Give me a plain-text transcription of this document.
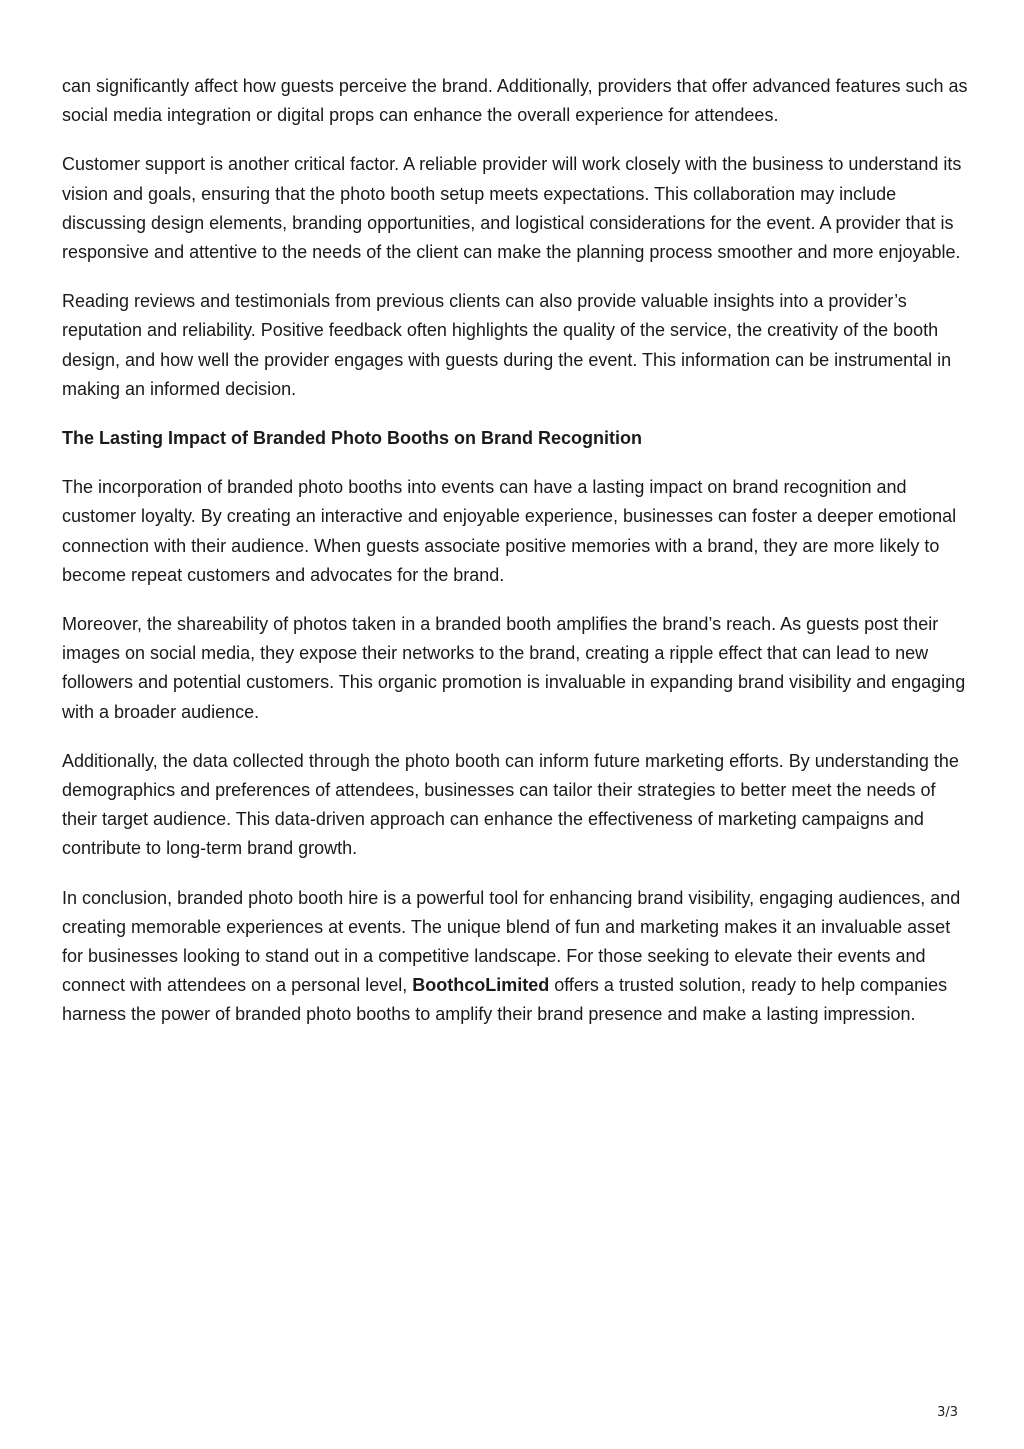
can significantly affect how guests perceive the brand. Additionally, providers that offer advanced features such as social media integration or digital props can enhance the overall experience for attendees.

Customer support is another critical factor. A reliable provider will work closely with the business to understand its vision and goals, ensuring that the photo booth setup meets expectations. This collaboration may include discussing design elements, branding opportunities, and logistical considerations for the event. A provider that is responsive and attentive to the needs of the client can make the planning process smoother and more enjoyable.

Reading reviews and testimonials from previous clients can also provide valuable insights into a provider’s reputation and reliability. Positive feedback often highlights the quality of the service, the creativity of the booth design, and how well the provider engages with guests during the event. This information can be instrumental in making an informed decision.

The Lasting Impact of Branded Photo Booths on Brand Recognition

The incorporation of branded photo booths into events can have a lasting impact on brand recognition and customer loyalty. By creating an interactive and enjoyable experience, businesses can foster a deeper emotional connection with their audience. When guests associate positive memories with a brand, they are more likely to become repeat customers and advocates for the brand.

Moreover, the shareability of photos taken in a branded booth amplifies the brand’s reach. As guests post their images on social media, they expose their networks to the brand, creating a ripple effect that can lead to new followers and potential customers. This organic promotion is invaluable in expanding brand visibility and engaging with a broader audience.

Additionally, the data collected through the photo booth can inform future marketing efforts. By understanding the demographics and preferences of attendees, businesses can tailor their strategies to better meet the needs of their target audience. This data-driven approach can enhance the effectiveness of marketing campaigns and contribute to long-term brand growth.

In conclusion, branded photo booth hire is a powerful tool for enhancing brand visibility, engaging audiences, and creating memorable experiences at events. The unique blend of fun and marketing makes it an invaluable asset for businesses looking to stand out in a competitive landscape. For those seeking to elevate their events and connect with attendees on a personal level, BoothcoLimited offers a trusted solution, ready to help companies harness the power of branded photo booths to amplify their brand presence and make a lasting impression.

3/3
